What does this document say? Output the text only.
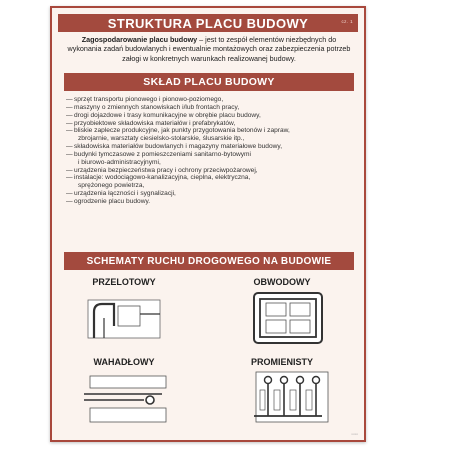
STRUKTURA PLACU BUDOWY	cz. 1
Zagospodarowanie placu budowy – jest to zespół elementów niezbędnych do wykonania zadań budowlanych i ewentualnie montażowych oraz zabezpieczenia potrzeb załogi w konkretnych warunkach realizowanej budowy.
SKŁAD PLACU BUDOWY
— sprzęt transportu pionowego i pionowo-poziomego,
— maszyny o zmiennych stanowiskach i/lub frontach pracy,
— drogi dojazdowe i trasy komunikacyjne w obrębie placu budowy,
— przyobiektowe składowiska materiałów i prefabrykatów,
— bliskie zaplecze produkcyjne, jak punkty przygotowania betonów i zapraw,
zbrojarnie, warsztaty ciesielsko-stolarskie, ślusarskie itp.,
— składowiska materiałów budowlanych i magazyny materiałowe budowy,
— budynki tymczasowe z pomieszczeniami sanitarno-bytowymi
i biurowo-administracyjnymi,
— urządzenia bezpieczeństwa pracy i ochrony przeciwpożarowej,
— instalacje: wodociągowo-kanalizacyjna, cieplna, elektryczna,
sprężonego powietrza,
— urządzenia łączności i sygnalizacji,
— ogrodzenie placu budowy.
SCHEMATY RUCHU DROGOWEGO NA BUDOWIE
PRZELOTOWY	OBWODOWY
WAHADŁOWY	PROMIENISTY
▭▭
